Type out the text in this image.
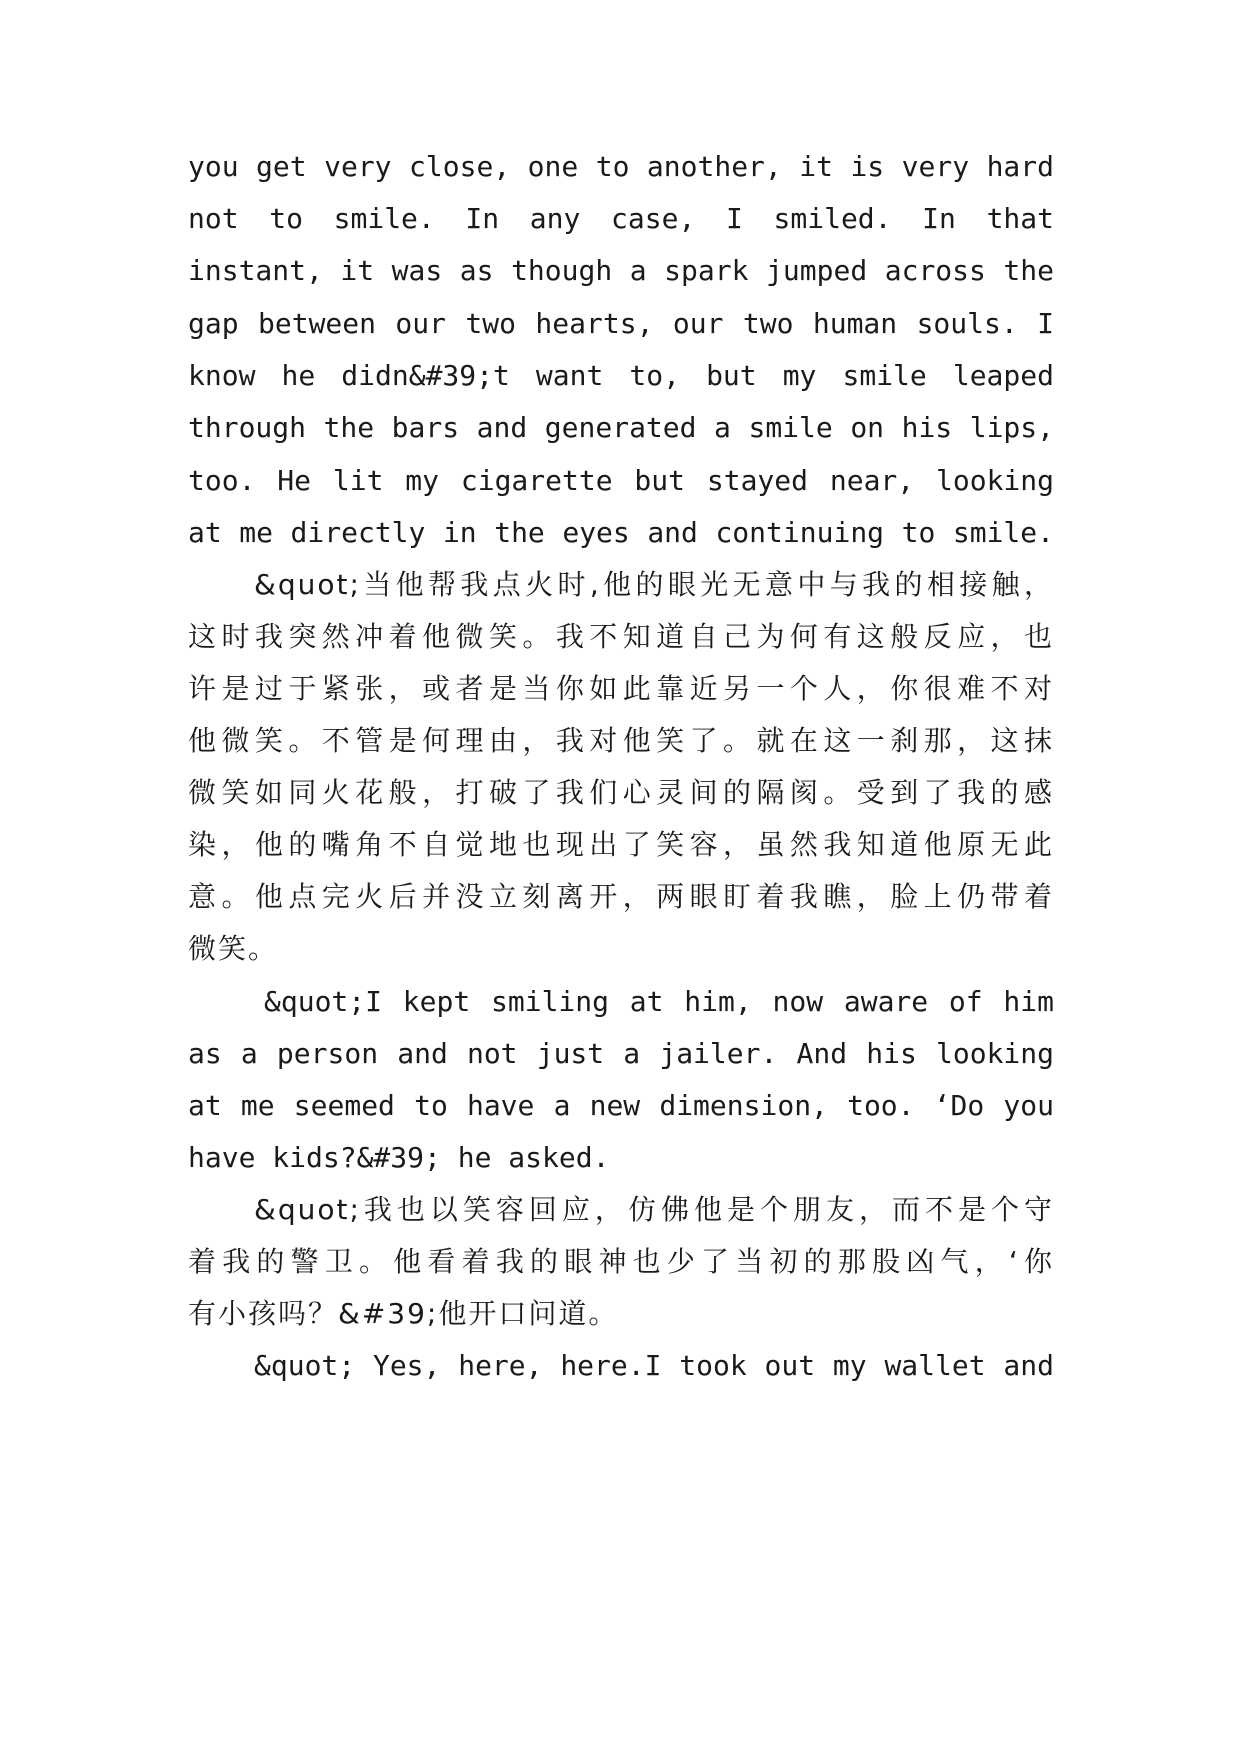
you get very close, one to another, it is very hard
not to smile. In any case, I smiled. In that
instant, it was as though a spark jumped across the
gap between our two hearts, our two human souls. I
know he didn&#39;t want to, but my smile leaped
through the bars and generated a smile on his lips,
too. He lit my cigarette but stayed near, looking
at me directly in the eyes and continuing to smile.
&quot;当他帮我点火时,他的眼光无意中与我的相接触，
这时我突然冲着他微笑。我不知道自己为何有这般反应，也
许是过于紧张，或者是当你如此靠近另一个人，你很难不对
他微笑。不管是何理由，我对他笑了。就在这一刹那，这抹
微笑如同火花般，打破了我们心灵间的隔阂。受到了我的感
染，他的嘴角不自觉地也现出了笑容，虽然我知道他原无此
意。他点完火后并没立刻离开，两眼盯着我瞧，脸上仍带着
微笑。
&quot;I kept smiling at him, now aware of him
as a person and not just a jailer. And his looking
at me seemed to have a new dimension, too. ‘Do you
have kids?&#39; he asked.
&quot;我也以笑容回应，仿佛他是个朋友，而不是个守
着我的警卫。他看着我的眼神也少了当初的那股凶气，‘你
有小孩吗？&#39;他开口问道。
&quot; Yes, here, here.I took out my wallet and
